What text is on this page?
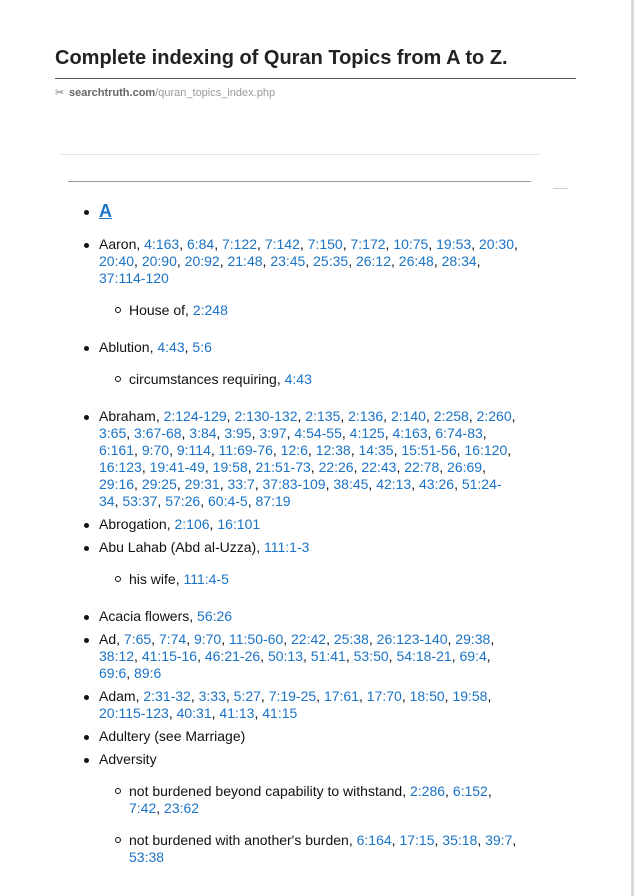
Complete indexing of Quran Topics from A to Z.
✂ searchtruth.com/quran_topics_index.php
A
Aaron, 4:163, 6:84, 7:122, 7:142, 7:150, 7:172, 10:75, 19:53, 20:30, 20:40, 20:90, 20:92, 21:48, 23:45, 25:35, 26:12, 26:48, 28:34, 37:114-120
House of, 2:248
Ablution, 4:43, 5:6
circumstances requiring, 4:43
Abraham, 2:124-129, 2:130-132, 2:135, 2:136, 2:140, 2:258, 2:260, 3:65, 3:67-68, 3:84, 3:95, 3:97, 4:54-55, 4:125, 4:163, 6:74-83, 6:161, 9:70, 9:114, 11:69-76, 12:6, 12:38, 14:35, 15:51-56, 16:120, 16:123, 19:41-49, 19:58, 21:51-73, 22:26, 22:43, 22:78, 26:69, 29:16, 29:25, 29:31, 33:7, 37:83-109, 38:45, 42:13, 43:26, 51:24-34, 53:37, 57:26, 60:4-5, 87:19
Abrogation, 2:106, 16:101
Abu Lahab (Abd al-Uzza), 111:1-3
his wife, 111:4-5
Acacia flowers, 56:26
Ad, 7:65, 7:74, 9:70, 11:50-60, 22:42, 25:38, 26:123-140, 29:38, 38:12, 41:15-16, 46:21-26, 50:13, 51:41, 53:50, 54:18-21, 69:4, 69:6, 89:6
Adam, 2:31-32, 3:33, 5:27, 7:19-25, 17:61, 17:70, 18:50, 19:58, 20:115-123, 40:31, 41:13, 41:15
Adultery (see Marriage)
Adversity
not burdened beyond capability to withstand, 2:286, 6:152, 7:42, 23:62
not burdened with another's burden, 6:164, 17:15, 35:18, 39:7, 53:38
